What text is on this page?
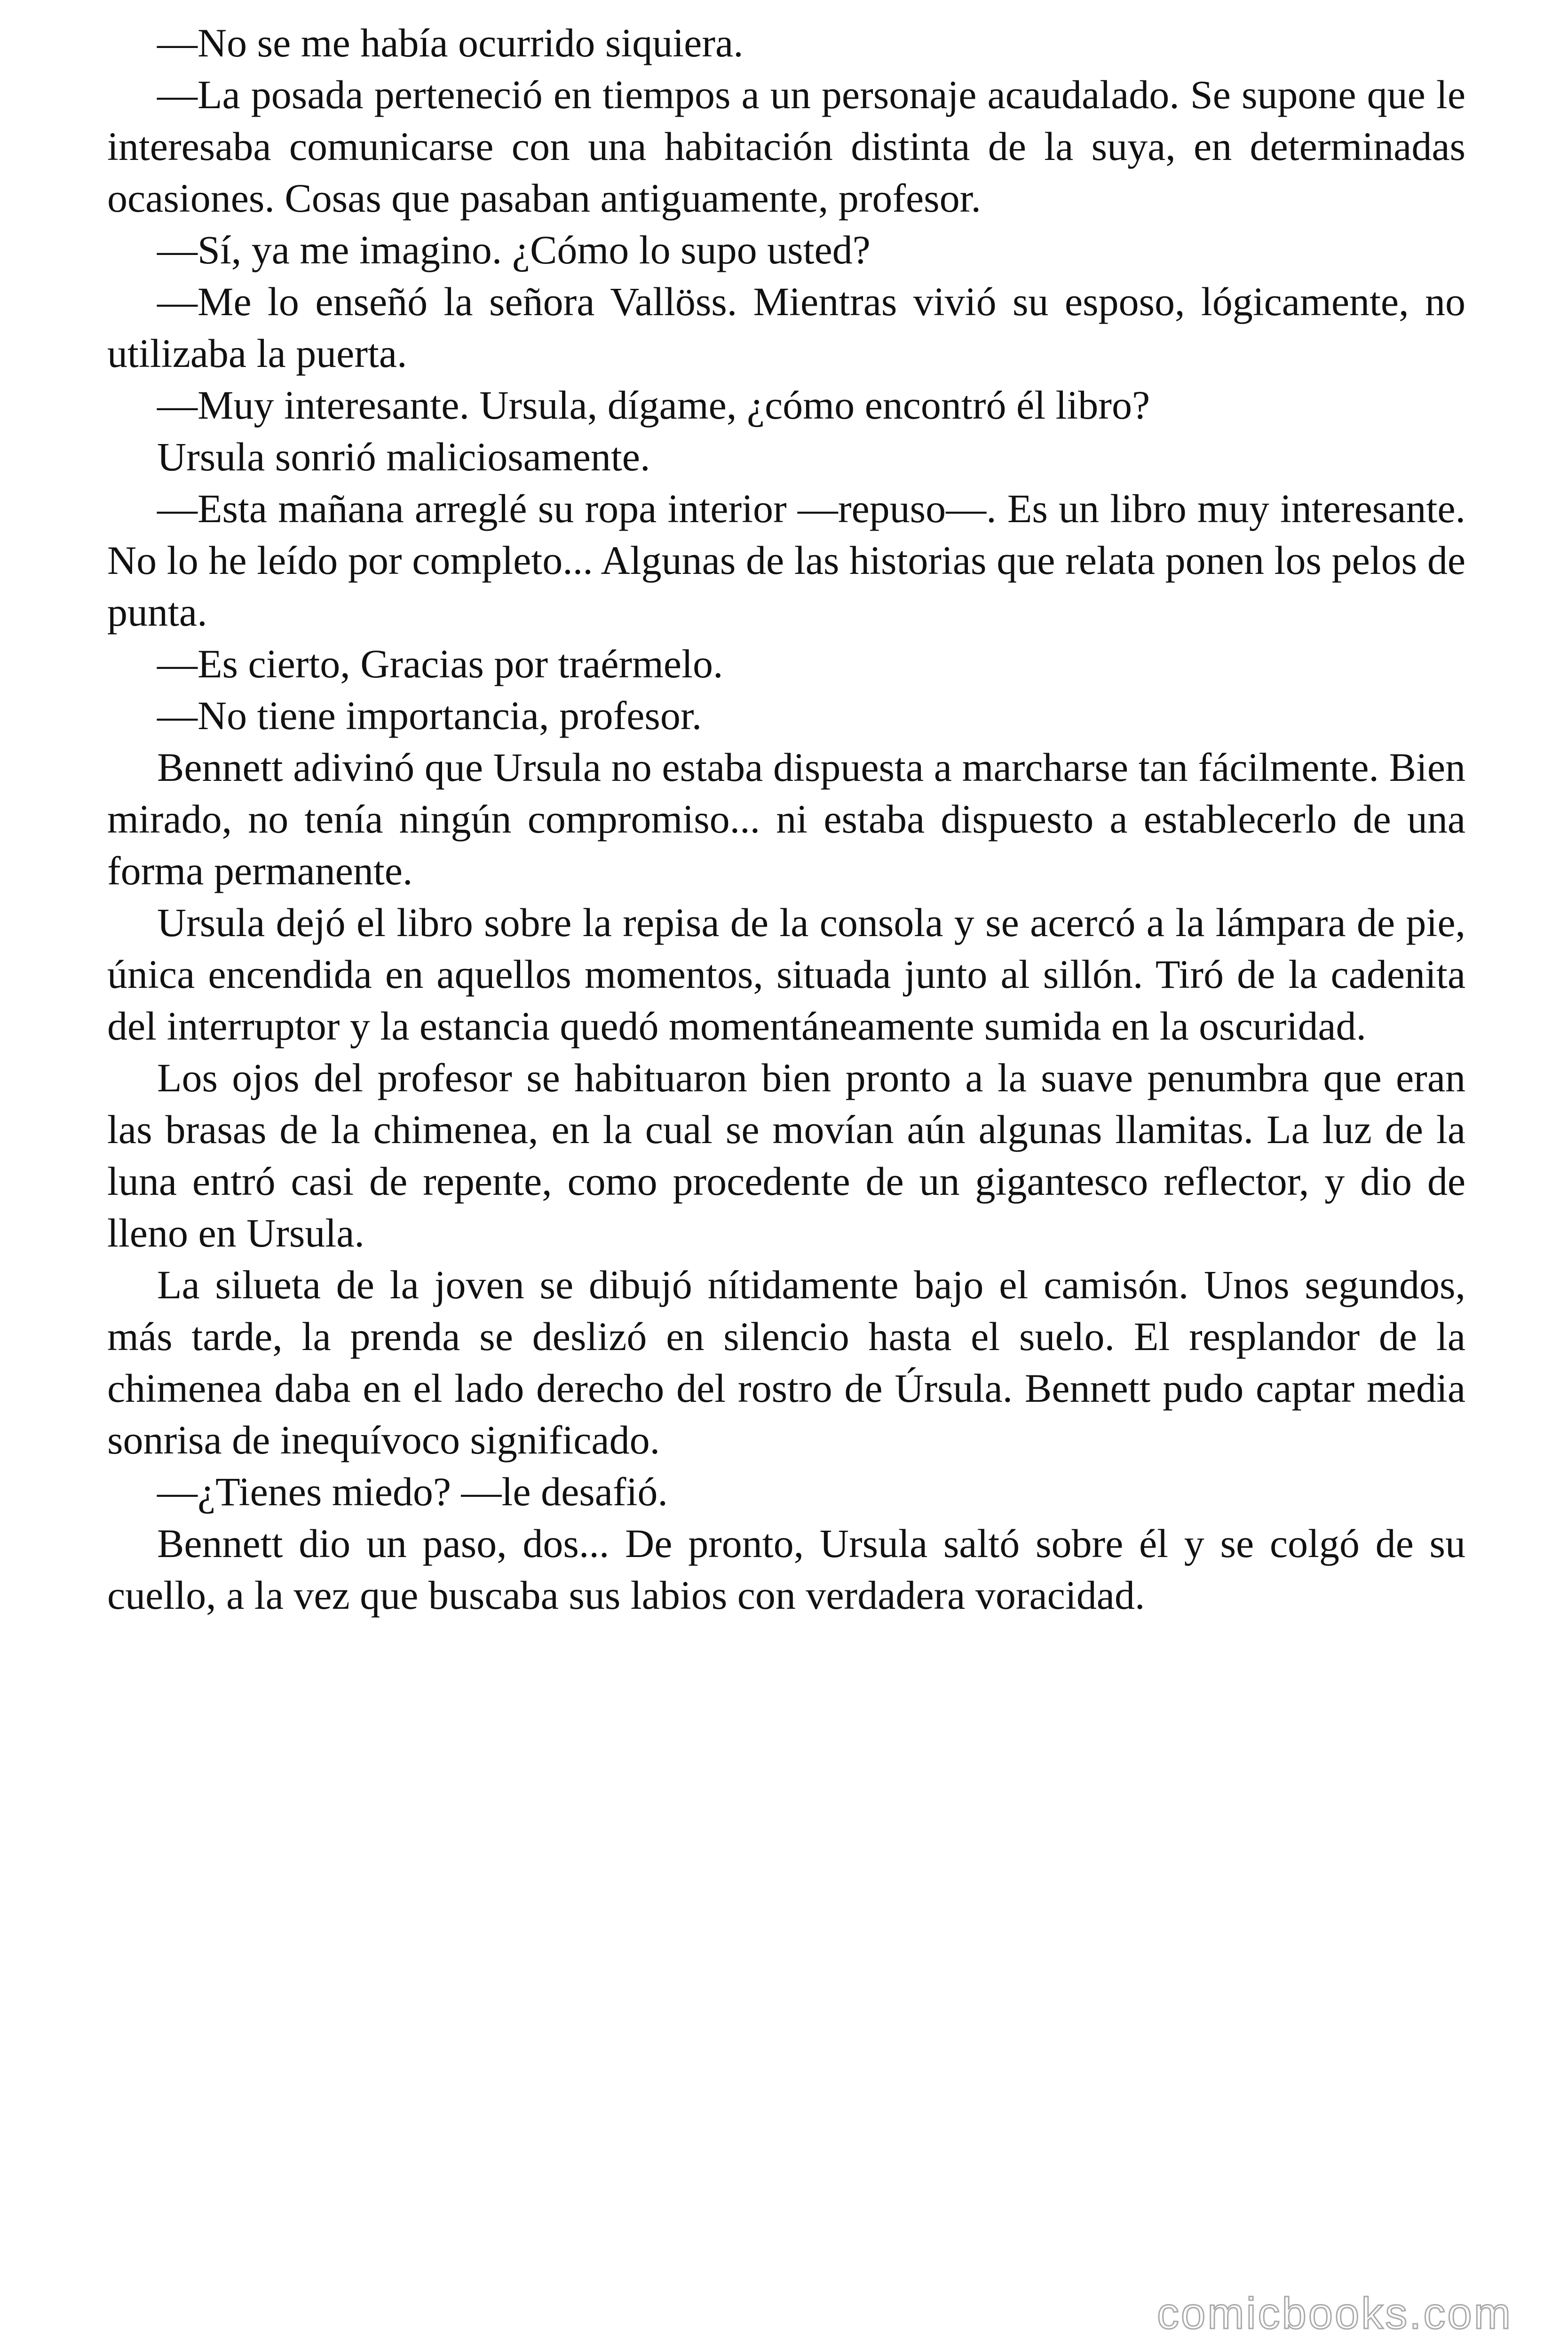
—No se me había ocurrido siquiera.

—La posada perteneció en tiempos a un personaje acaudalado. Se supone que le interesaba comunicarse con una habitación distinta de la suya, en determinadas ocasiones. Cosas que pasaban antiguamente, profesor.

—Sí, ya me imagino. ¿Cómo lo supo usted?

—Me lo enseñó la señora Vallöss. Mientras vivió su esposo, lógicamente, no utilizaba la puerta.

—Muy interesante. Ursula, dígame, ¿cómo encontró él libro?

Ursula sonrió maliciosamente.

—Esta mañana arreglé su ropa interior —repuso—. Es un libro muy interesante. No lo he leído por completo... Algunas de las historias que relata ponen los pelos de punta.

—Es cierto, Gracias por traérmelo.

—No tiene importancia, profesor.

Bennett adivinó que Ursula no estaba dispuesta a marcharse tan fácilmente. Bien mirado, no tenía ningún compromiso... ni estaba dispuesto a establecerlo de una forma permanente.

Ursula dejó el libro sobre la repisa de la consola y se acercó a la lámpara de pie, única encendida en aquellos momentos, situada junto al sillón. Tiró de la cadenita del interruptor y la estancia quedó momentáneamente sumida en la oscuridad.

Los ojos del profesor se habituaron bien pronto a la suave penumbra que eran las brasas de la chimenea, en la cual se movían aún algunas llamitas. La luz de la luna entró casi de repente, como procedente de un gigantesco reflector, y dio de lleno en Ursula.

La silueta de la joven se dibujó nítidamente bajo el camisón. Unos segundos, más tarde, la prenda se deslizó en silencio hasta el suelo. El resplandor de la chimenea daba en el lado derecho del rostro de Úrsula. Bennett pudo captar media sonrisa de inequívoco significado.

—¿Tienes miedo? —le desafió.

Bennett dio un paso, dos... De pronto, Ursula saltó sobre él y se colgó de su cuello, a la vez que buscaba sus labios con verdadera voracidad.

comicbooks.com
